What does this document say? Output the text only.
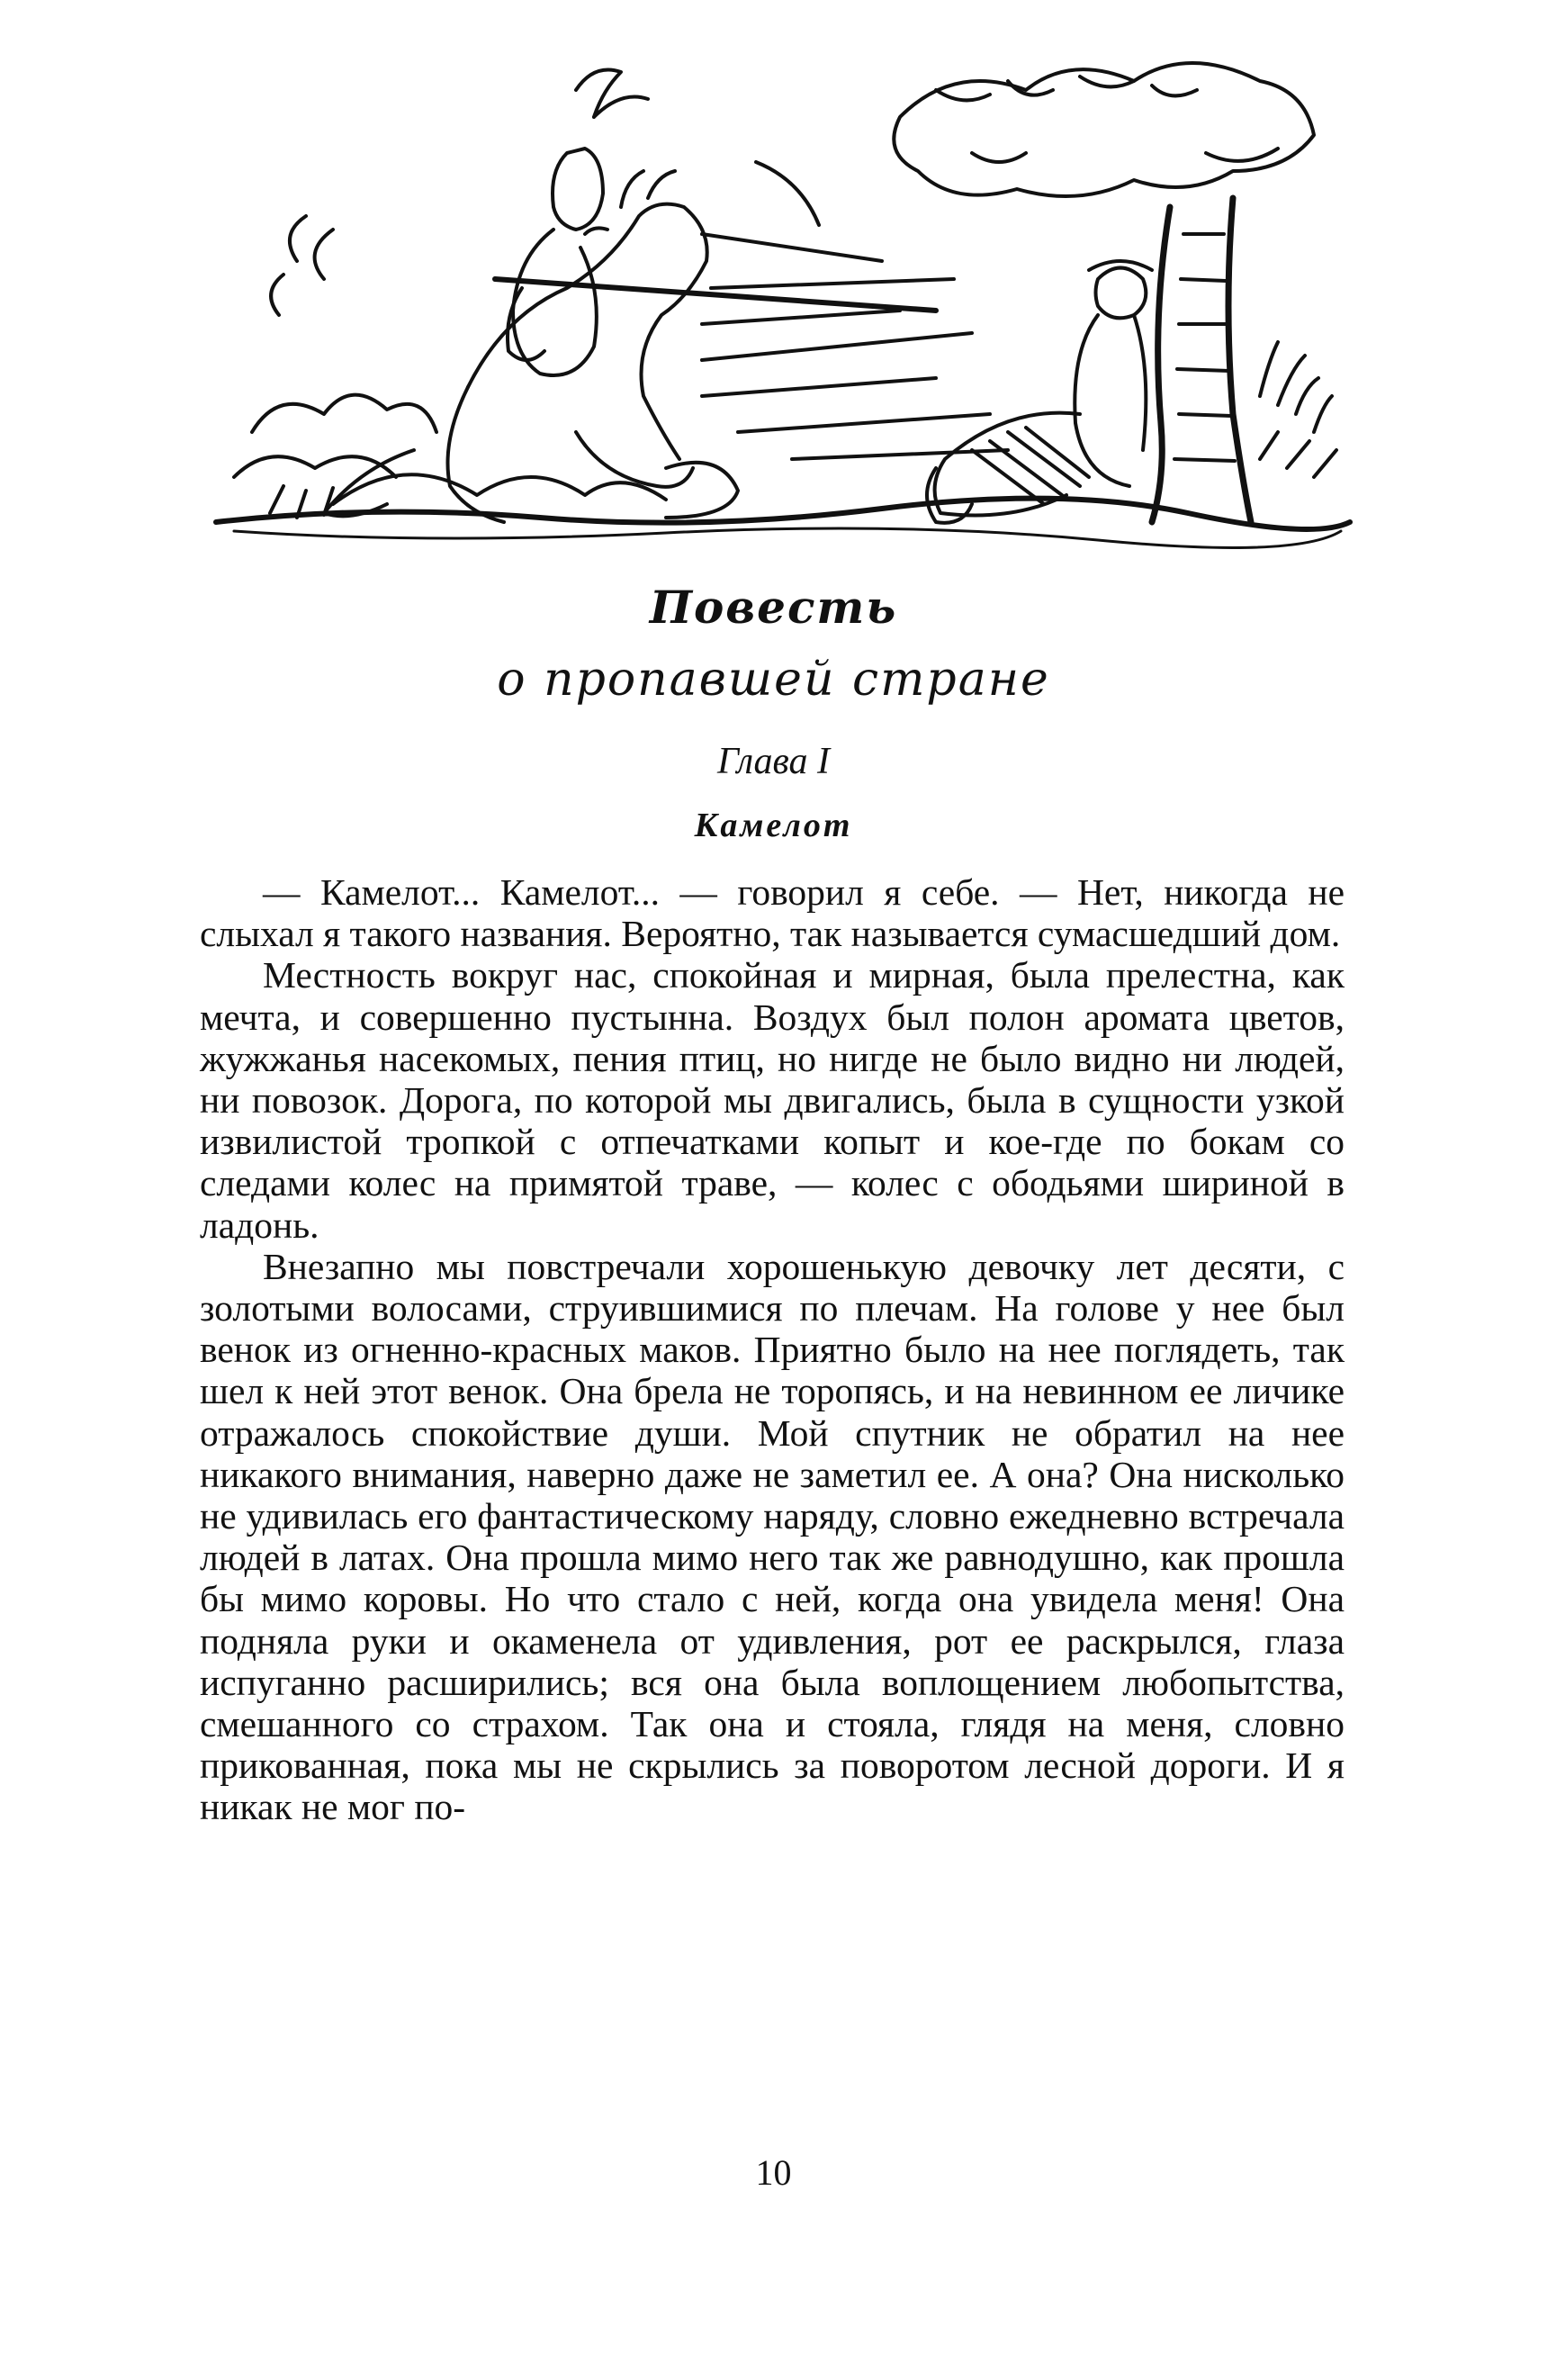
Повесть
о пропавшей стране
Глава I
Камелот

— Камелот... Камелот... — говорил я себе. — Нет, никогда не слыхал я такого названия. Вероятно, так называется сумасшедший дом.

Местность вокруг нас, спокойная и мирная, была прелестна, как мечта, и совершенно пустынна. Воздух был полон аромата цветов, жужжанья насекомых, пения птиц, но нигде не было видно ни людей, ни повозок. Дорога, по которой мы двигались, была в сущности узкой извилистой тропкой с отпечатками копыт и кое-где по бокам со следами колес на примятой траве, — колес с ободьями шириной в ладонь.

Внезапно мы повстречали хорошенькую девочку лет десяти, с золотыми волосами, струившимися по плечам. На голове у нее был венок из огненно-красных маков. Приятно было на нее поглядеть, так шел к ней этот венок. Она брела не торопясь, и на невинном ее личике отражалось спокойствие души. Мой спутник не обратил на нее никакого внимания, наверно даже не заметил ее. А она? Она нисколько не удивилась его фантастическому наряду, словно ежедневно встречала людей в латах. Она прошла мимо него так же равнодушно, как прошла бы мимо коровы. Но что стало с ней, когда она увидела меня! Она подняла руки и окаменела от удивления, рот ее раскрылся, глаза испуганно расширились; вся она была воплощением любопытства, смешанного со страхом. Так она и стояла, глядя на меня, словно прикованная, пока мы не скрылись за поворотом лесной дороги. И я никак не мог по-

10
